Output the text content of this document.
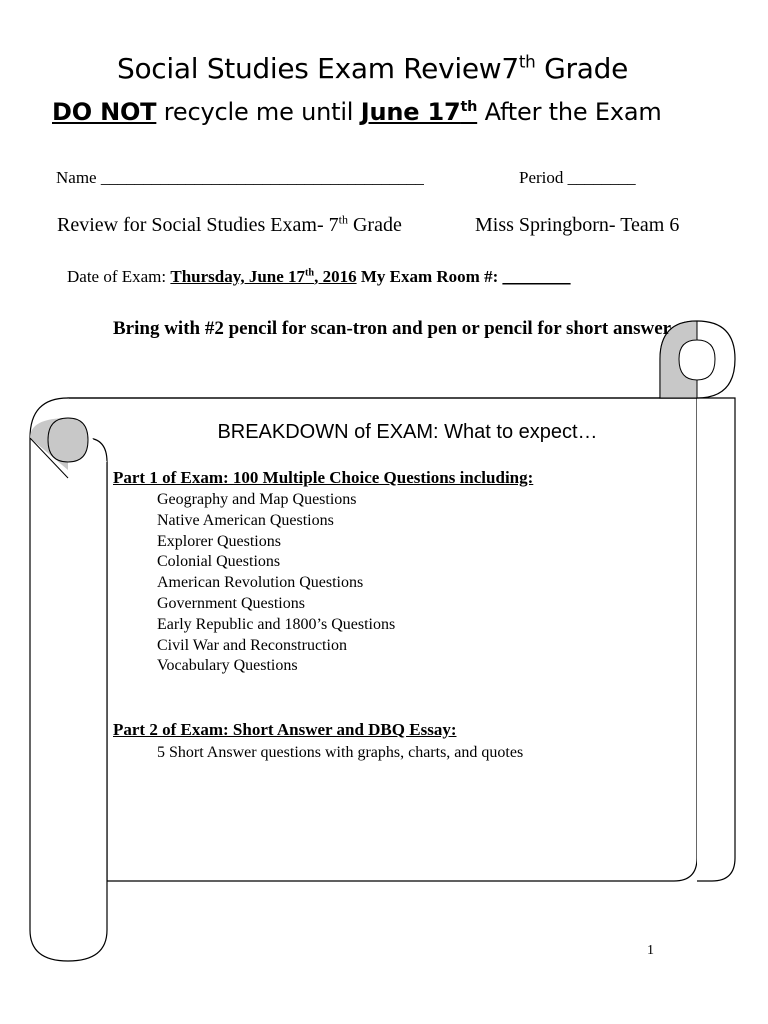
Social Studies Exam Review7th Grade
DO NOT recycle me until June 17th After the Exam
Name ______________________________________	Period ________
Review for Social Studies Exam- 7th Grade	Miss Springborn- Team 6
Date of Exam: Thursday, June 17th, 2016 My Exam Room #: ________
Bring with #2 pencil for scan-tron and pen or pencil for short answer
BREAKDOWN of EXAM: What to expect…
Part 1 of Exam: 100 Multiple Choice Questions including:
Geography and Map Questions
Native American Questions
Explorer Questions
Colonial Questions
American Revolution Questions
Government Questions
Early Republic and 1800’s Questions
Civil War and Reconstruction
Vocabulary Questions
Part 2 of Exam: Short Answer and DBQ Essay:
5 Short Answer questions with graphs, charts, and quotes
1
